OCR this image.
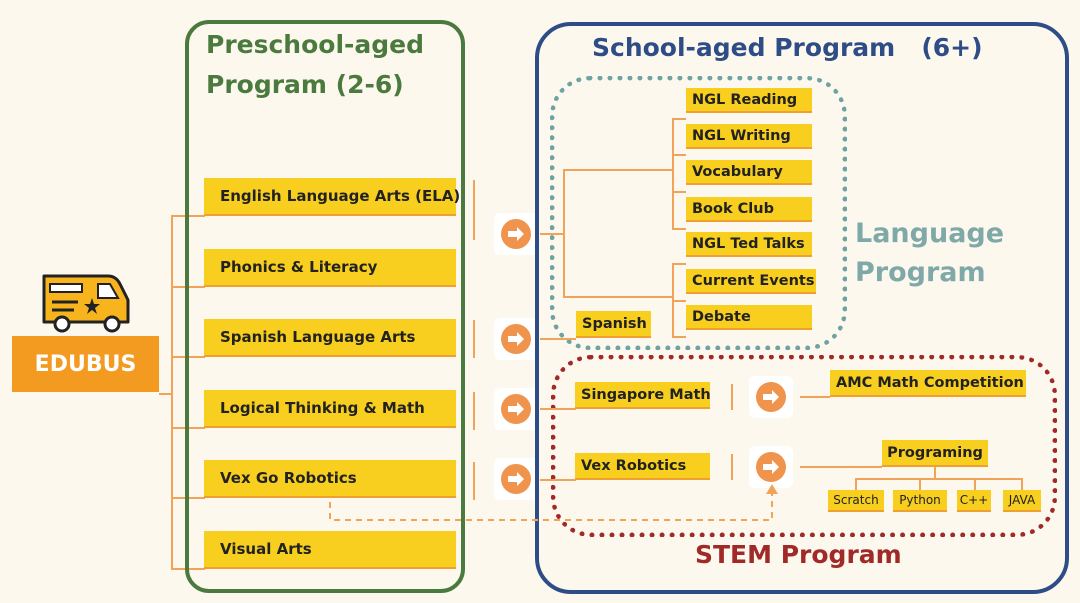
EDUBUS
Preschool-aged
Program (2-6)
English Language Arts (ELA)
Phonics & Literacy
Spanish Language Arts
Logical Thinking & Math
Vex Go Robotics
Visual Arts
School-aged Program   (6+)
Language
Program
NGL Reading
NGL Writing
Vocabulary
Book Club
NGL Ted Talks
Current Events
Debate
Spanish
STEM Program
Singapore Math
AMC Math Competition
Vex Robotics
Programing
Scratch	Python	C++	JAVA
